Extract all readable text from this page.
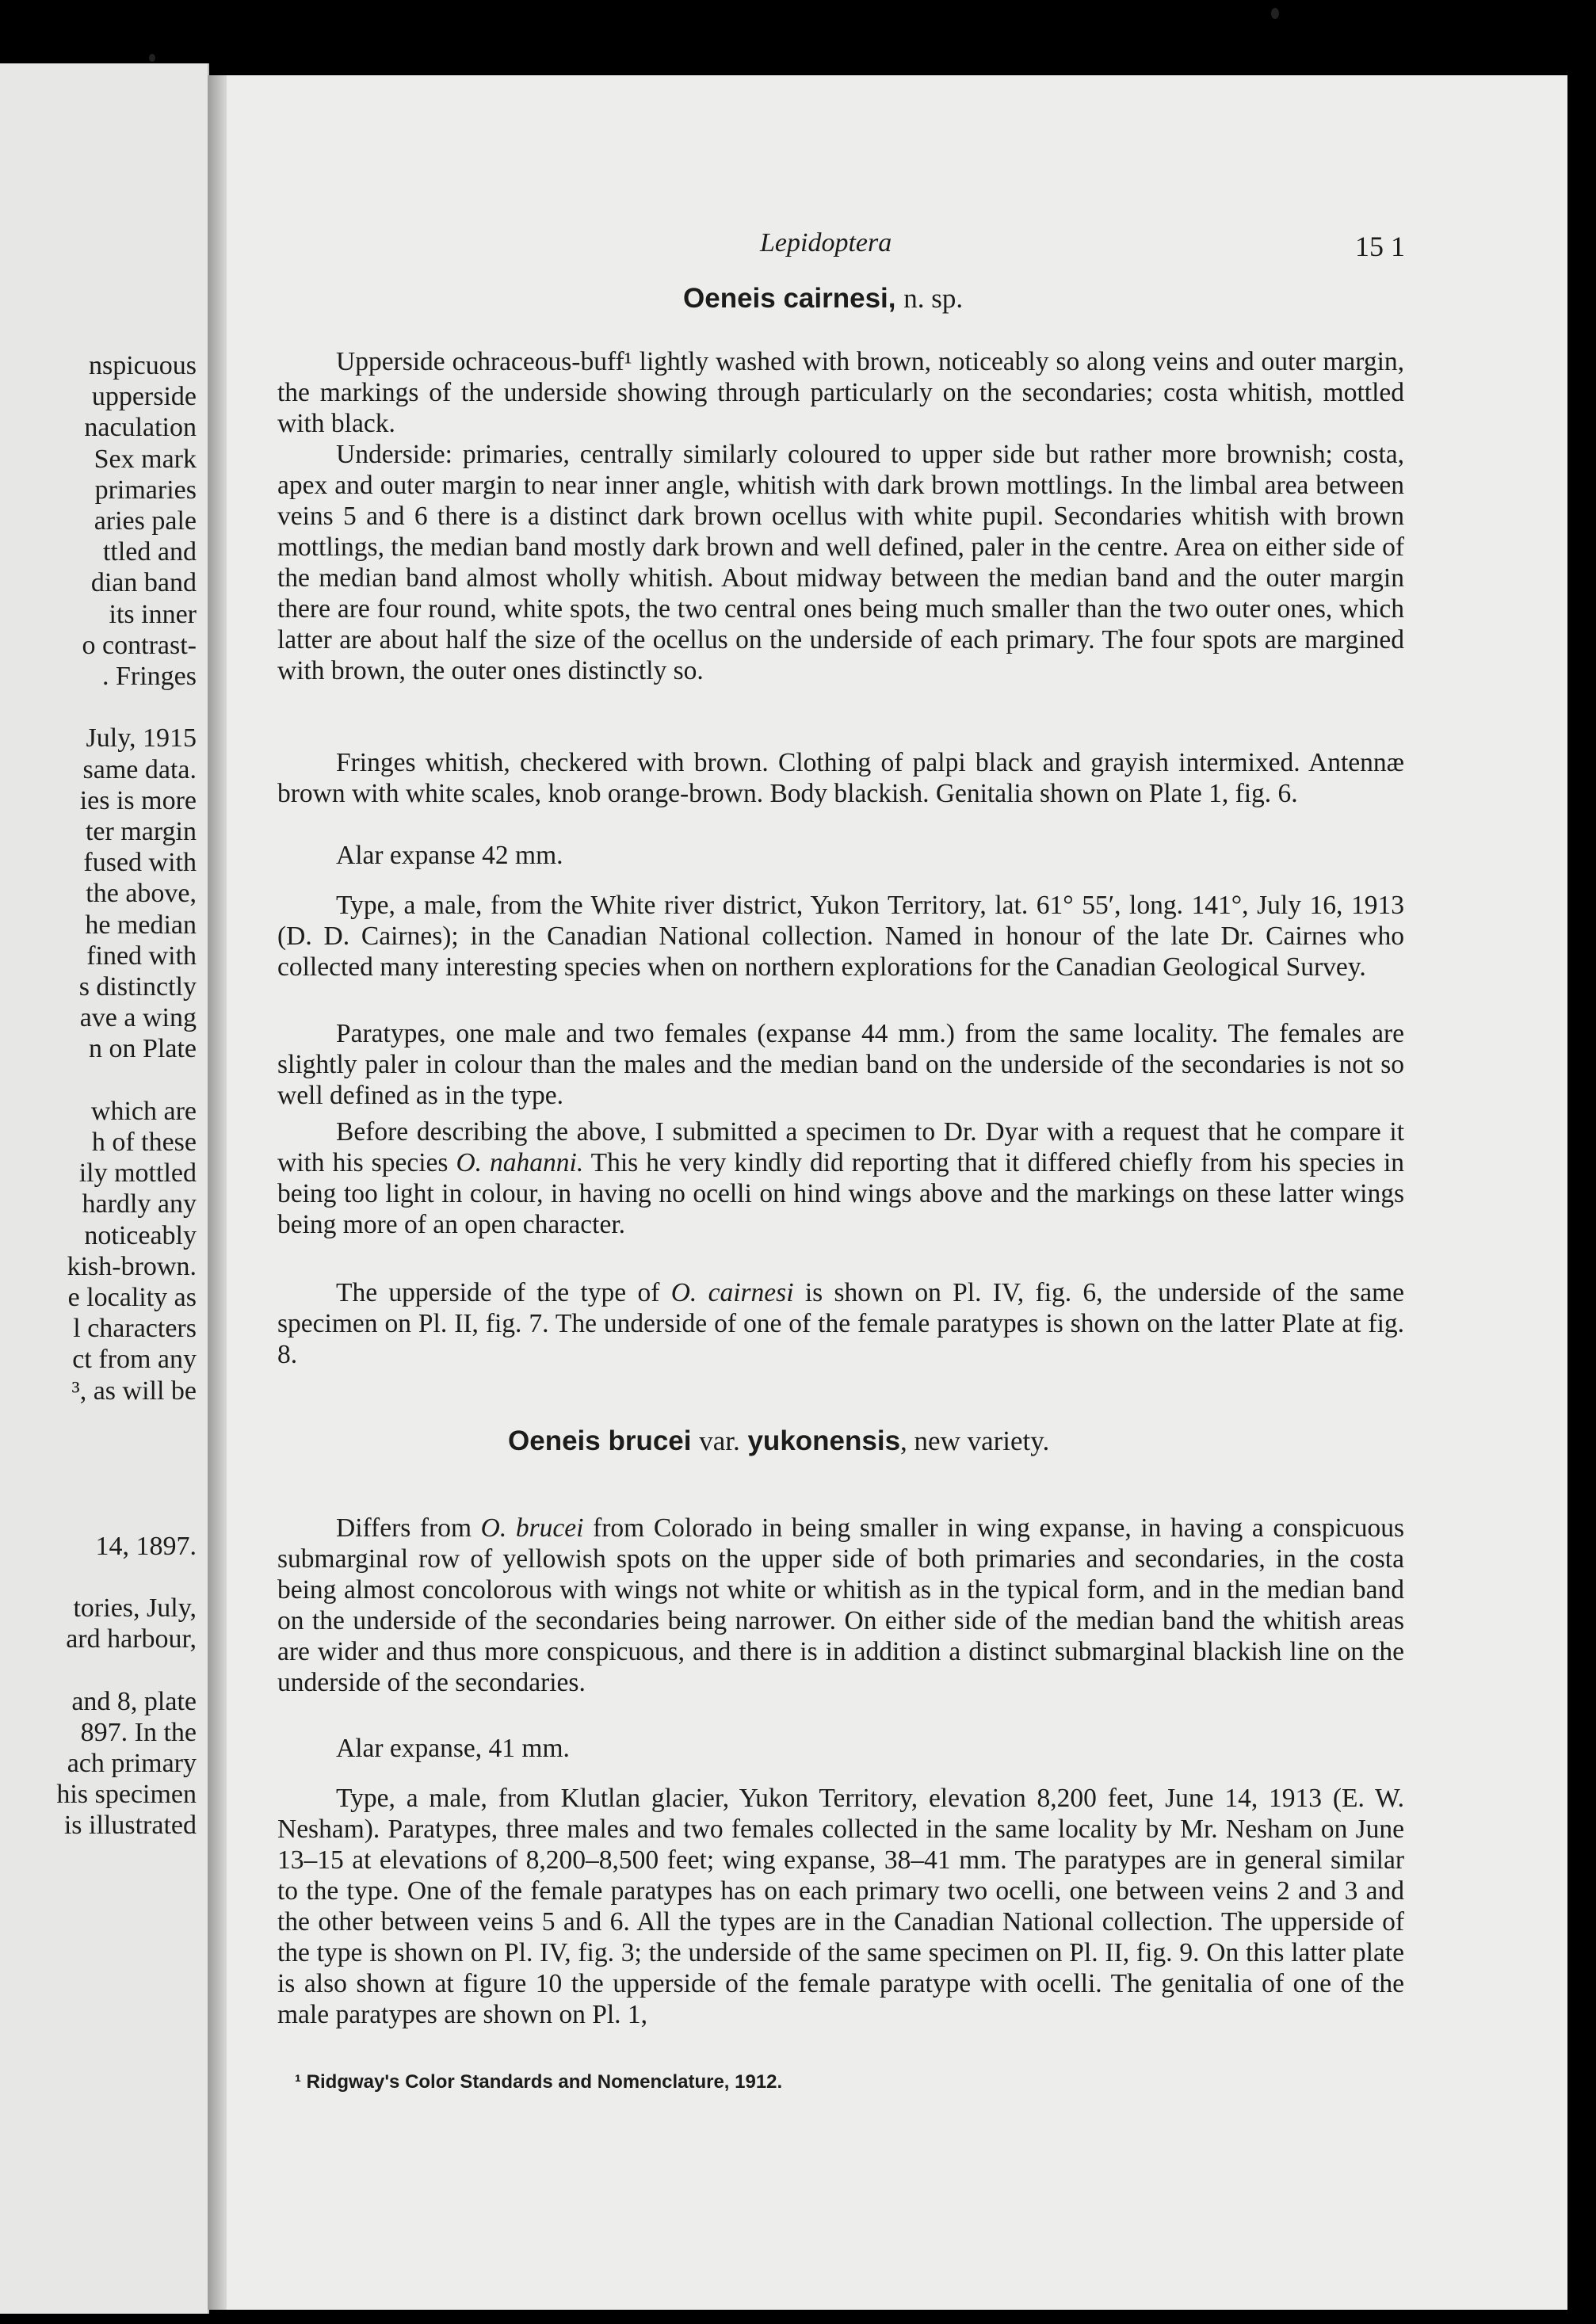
nspicuous
upperside
naculation
Sex mark
primaries
aries pale
ttled and
dian band
its inner
o contrast-
. Fringes
July, 1915
same data.
ies is more
ter margin
fused with
the above,
he median
fined with
s distinctly
ave a wing
n on Plate
which are
h of these
ily mottled
hardly any
noticeably
kish-brown.
e locality as
l characters
ct from any
³, as will be
14, 1897.
tories, July,
ard harbour,
and 8, plate
897. In the
ach primary
his specimen
is illustrated
Lepidoptera	15 1
Oeneis cairnesi, n. sp.
Upperside ochraceous-buff¹ lightly washed with brown, noticeably so along veins and outer margin, the markings of the underside showing through particularly on the secondaries; costa whitish, mottled with black.
Underside: primaries, centrally similarly coloured to upper side but rather more brownish; costa, apex and outer margin to near inner angle, whitish with dark brown mottlings. In the limbal area between veins 5 and 6 there is a distinct dark brown ocellus with white pupil. Secondaries whitish with brown mottlings, the median band mostly dark brown and well defined, paler in the centre. Area on either side of the median band almost wholly whitish. About midway between the median band and the outer margin there are four round, white spots, the two central ones being much smaller than the two outer ones, which latter are about half the size of the ocellus on the underside of each primary. The four spots are margined with brown, the outer ones distinctly so.
Fringes whitish, checkered with brown. Clothing of palpi black and grayish intermixed. Antennæ brown with white scales, knob orange-brown. Body blackish. Genitalia shown on Plate 1, fig. 6.
Alar expanse 42 mm.
Type, a male, from the White river district, Yukon Territory, lat. 61° 55′, long. 141°, July 16, 1913 (D. D. Cairnes); in the Canadian National collection. Named in honour of the late Dr. Cairnes who collected many interesting species when on northern explorations for the Canadian Geological Survey.
Paratypes, one male and two females (expanse 44 mm.) from the same locality. The females are slightly paler in colour than the males and the median band on the underside of the secondaries is not so well defined as in the type.
Before describing the above, I submitted a specimen to Dr. Dyar with a request that he compare it with his species O. nahanni. This he very kindly did reporting that it differed chiefly from his species in being too light in colour, in having no ocelli on hind wings above and the markings on these latter wings being more of an open character.
The upperside of the type of O. cairnesi is shown on Pl. IV, fig. 6, the underside of the same specimen on Pl. II, fig. 7. The underside of one of the female paratypes is shown on the latter Plate at fig. 8.
Oeneis brucei var. yukonensis, new variety.
Differs from O. brucei from Colorado in being smaller in wing expanse, in having a conspicuous submarginal row of yellowish spots on the upper side of both primaries and secondaries, in the costa being almost concolorous with wings not white or whitish as in the typical form, and in the median band on the underside of the secondaries being narrower. On either side of the median band the whitish areas are wider and thus more conspicuous, and there is in addition a distinct submarginal blackish line on the underside of the secondaries.
Alar expanse, 41 mm.
Type, a male, from Klutlan glacier, Yukon Territory, elevation 8,200 feet, June 14, 1913 (E. W. Nesham). Paratypes, three males and two females collected in the same locality by Mr. Nesham on June 13–15 at elevations of 8,200–8,500 feet; wing expanse, 38–41 mm. The paratypes are in general similar to the type. One of the female paratypes has on each primary two ocelli, one between veins 2 and 3 and the other between veins 5 and 6. All the types are in the Canadian National collection. The upperside of the type is shown on Pl. IV, fig. 3; the underside of the same specimen on Pl. II, fig. 9. On this latter plate is also shown at figure 10 the upperside of the female paratype with ocelli. The genitalia of one of the male paratypes are shown on Pl. 1,
¹ Ridgway's Color Standards and Nomenclature, 1912.
